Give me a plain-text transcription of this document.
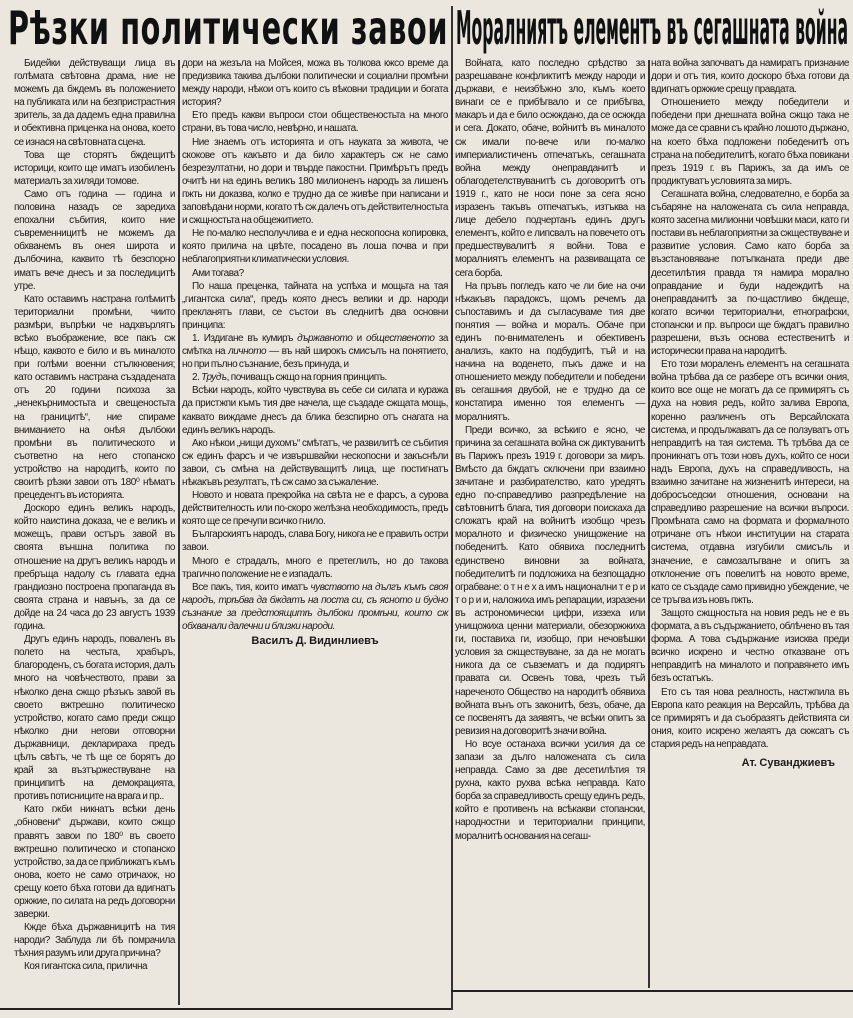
Рѣзки политически завои Моралниятъ елементъ въ сегашната война

Бидейки действуващи лица въ голѣмата свѣтовна драма, ние не можемъ да бждемъ въ положението на публиката или на безпристрастния зритель, за да дадемъ една правилна и обективна приценка на онова, което се изнася на свѣтовната сцена.

Това ще сторятъ бждещитѣ историци, които ще иматъ изобиленъ материалъ за хиляди томове.

Само отъ година — година и половина назадъ се заредиха епохални събития, които ние съвременницитѣ не можемъ да обхванемъ въ онея широта и дълбочина, каквито тѣ безспорно иматъ вече днесъ и за последицитѣ утре.

Като оставимъ настрана голѣмитѣ териториални промѣни, чиито размѣри, въпрѣки че надхвърлятъ всѣко въображение, все пакъ сж нѣщо, каквото е било и въ миналото при голѣми военни стълкновения; като оставимъ настрана създадената отъ 20 години психоза за „ненекърнимостьта и свещеностьта на границитѣ“, ние спираме вниманието на онѣя дълбоки промѣни въ политическото и съответно на него стопанско устройство на народитѣ, които по своитѣ рѣзки завои отъ 180⁰ нѣматъ прецедентъ въ историята.

Доскоро единъ великъ народъ, който наистина доказа, че е великъ и можещъ, прави остъръ завой въ своята външна политика по отношение на другъ великъ народъ и пребръща надолу съ главата една грандиозно построена пропаганда въ своята страна и навънъ, за да се дойде на 24 часа до 23 августъ 1939 година.

Другъ единъ народъ, поваленъ въ полето на честьта, храбъръ, благороденъ, съ богата история, далъ много на човѣчеството, прави за нѣколко дена сжщо рѣзъкъ завой въ своето вжтрешно политическо устройство, когато само преди сжщо нѣколко дни негови отговорни държавници, декларираха предъ цѣлъ свѣтъ, че тѣ ще се борятъ до край за възтържествуване на принципитѣ на демокрацията, противъ потисниците на врага и пр..

Като гжби никнатъ всѣки день „обновени“ държави, които сжщо правятъ завои по 180⁰ въ своето вжтрешно политическо и стопанско устройство, за да се приближатъ къмъ онова, което не само отричахж, но срещу което бѣха готови да вдигнатъ оржжие, по силата на редъ договорни заверки.

Кжде бѣха държавницитѣ на тия народи? Заблуда ли бѣ помрачила тѣхния разумъ или друга причина?

Коя гигантска сила, прилична

дори на жезъла на Мойсея, можа въ толкова кжсо време да предизвика такива дълбоки политически и социални промѣни между народи, нѣкои отъ които съ вѣковни традиции и богата история?

Ето предъ какви въпроси стои общественостьта на много страни, въ това число, невѣрно, и нашата.

Ние знаемъ отъ историята и отъ науката за живота, че скокове отъ какъвто и да било характеръ сж не само безрезултатни, но дори и твърде пакостни. Примѣрътъ предъ очитѣ ни на единъ великъ 180 милионенъ народъ за лишенъ пжть ни доказва, колко е трудно да се живѣе при написани и заповѣдани норми, когато тѣ сж далечъ отъ действителностьта и сжщностьта на общежитието.

Не по-малко несполучлива е и една нескопосна копировка, която прилича на цвѣте, посадено въ лоша почва и при неблагоприятни климатически условия.

Ами тогава?

По наша преценка, тайната на успѣха и мощьта на тая „гигантска сила“, предъ която днесъ велики и др. народи прекланятъ глави, се състои въ следнитѣ два основни принципа:

1. Издигане въ кумиръ държавното и общественото за смѣтка на личното — въ най широкъ смисълъ на понятието, но при пълно съзнание, безъ принуда, и

2. Трудъ, почиващъ сжщо на горния принципъ.

Всѣки народъ, който чувствува въ себе си силата и куража да пристжпи къмъ тия две начела, ще създаде сжщата мощь, каквато виждаме днесъ да блика безспирно отъ снагата на единъ великъ народъ.

Ако нѣкои „нищи духомъ“ смѣтатъ, че развилитѣ се събития сж единъ фарсъ и че извършвайки нескопосни и закъснѣли завои, съ смѣна на действуващитѣ лица, ще постигнатъ нѣкакъвъ резултатъ, тѣ сж само за съжаление.

Новото и новата прекройка на свѣта не е фарсъ, а сурова действителность или по-скоро желѣзна необходимость, предъ която ще се пречупи всичко гнило.

Българскиятъ народъ, слава Богу, никога не е правилъ остри завои.

Много е страдалъ, много е претеглилъ, но до такова трагично положение не е изпадалъ.

Все пакъ, тия, които иматъ чувството на дългъ къмъ своя народъ, трѣбва да бждатъ на поста си, съ ясното и будно съзнание за предстоящитѣ дълбоки промѣни, които сж обхванали далечни и близки народи.

Василъ Д. Видинлиевъ

Войната, като последно срѣдство за разрешаване конфликтитѣ между народи и държави, е неизбѣжно зло, къмъ което винаги се е прибѣгвало и се прибѣгва, макаръ и да е било осжждано, да се осжжда и сега. Докато, обаче, войнитѣ въ миналото сж имали по-вече или по-малко империалистиченъ отпечатъкъ, сегашната война между онеправданитѣ и облагодетелствуванитѣ съ договоритѣ отъ 1919 г., като не носи поне за сега ясно изразенъ такъвъ отпечатъкъ, изтъква на лице дебело подчертанъ единъ другъ елементъ, който е липсвалъ на повечето отъ предшествувалитѣ я войни. Това е моралниятъ елементъ на развиващата се сега борба.

На пръвъ погледъ като че ли бие на очи нѣкакъвъ парадоксъ, щомъ речемъ да съпоставимъ и да съгласуваме тия две понятия — война и моралъ. Обаче при единъ по-внимателенъ и обективенъ анализъ, както на подбудитѣ, тъй и на начина на воденето, пъкъ даже и на отношението между победители и победени въ сегашния двубой, не е трудно да се констатира именно тоя елементъ — моралниятъ.

Преди всичко, за всѣкиго е ясно, че причина за сегашната война сж диктуванитѣ въ Парижъ презъ 1919 г. договори за миръ. Вмѣсто да бждатъ сключени при взаимно зачитане и разбирателство, като уредятъ едно по-справедливо разпредѣление на свѣтовнитѣ блага, тия договори поискаха да сложатъ край на войнитѣ изобщо чрезъ моралното и физическо унищожение на победенитѣ. Като обявиха последнитѣ единствено виновни за войната, победителитѣ ги подложиха на безпощадно ограбване: о т н е х а имъ национални т е р и т о р и и, наложиха имъ репарации, изразени въ астрономически цифри, иззеха или унищожиха ценни материали, обезоржжиха ги, поставиха ги, изобщо, при нечовѣшки условия за сжществуване, за да не могатъ никога да се съвзематъ и да подирятъ правата си. Освенъ това, чрезъ тъй нареченото Общество на народитѣ обявиха войната вънъ отъ законитѣ, безъ, обаче, да се посвенятъ да заявятъ, че всѣки опитъ за ревизия на договоритѣ значи война.

Но всуе останаха всички усилия да се запази за дълго наложената съ сила неправда. Само за две десетилѣтия тя рухна, както рухва всѣка неправда. Като борба за справедливость срещу единъ редъ, който е противенъ на всѣкакви стопански, народностни и териториални принципи, моралнитѣ основания на сегаш-

ната война започватъ да намиратъ признание дори и отъ тия, които доскоро бѣха готови да вдигнатъ оржжие срещу правдата.

Отношението между победители и победени при днешната война сжщо така не може да се сравни съ крайно лошото държано, на което бѣха подложени победенитѣ отъ страна на победителитѣ, когато бѣха повикани презъ 1919 г. въ Парижъ, за да имъ се продиктуватъ условията за миръ.

Сегашната война, следователно, е борба за събаряне на наложената съ сила неправда, която засегна милионни човѣшки маси, като ги постави въ неблагоприятни за сжществуване и развитие условия. Само като борба за възстановяване потъпканата преди две десетилѣтия правда тя намира морално оправдание и буди надеждитѣ на онеправданитѣ за по-щастливо бждеще, когато всички териториални, етнографски, стопански и пр. въпроси ще бждатъ правилно разрешени, възъ основа естественитѣ и исторически права на народитѣ.

Ето този моралeнъ елементъ на сегашната война трѣбва да се разбере отъ всички ония, които все още не могатъ да се примирятъ съ духа на новия редъ, който залива Европа, коренно различенъ отъ Версайлската система, и продължаватъ да се ползуватъ отъ неправдитѣ на тая система. Тѣ трѣбва да се проникнатъ отъ този новъ духъ, който се носи надъ Европа, духъ на справедливость, на взаимно зачитане на жизненитѣ интереси, на добросъседски отношения, основани на справедливо разрешение на всички въпроси. Промѣната само на формата и формалното отричане отъ нѣкои институции на старата система, отдавна изгубили смисъль и значение, е самозалъгване и опитъ за отклонение отъ повелитѣ на новото време, като се създаде само привидно убеждение, че се тръгва изъ новъ пжть.

Защото сжщностьта на новия редъ не е въ формата, а въ съдържанието, облѣчено въ тая форма. А това съдържание изисква преди всичко искрено и честно отказване отъ неправдитѣ на миналото и поправянето имъ безъ остатъкъ.

Ето съ тая нова реалность, настжпила въ Европа като реакция на Версайлъ, трѣбва да се примирятъ и да съобразятъ действията си ония, които искрено желаятъ да скжсатъ съ стария редъ на неправдата.

Ат. Суванджиевъ
